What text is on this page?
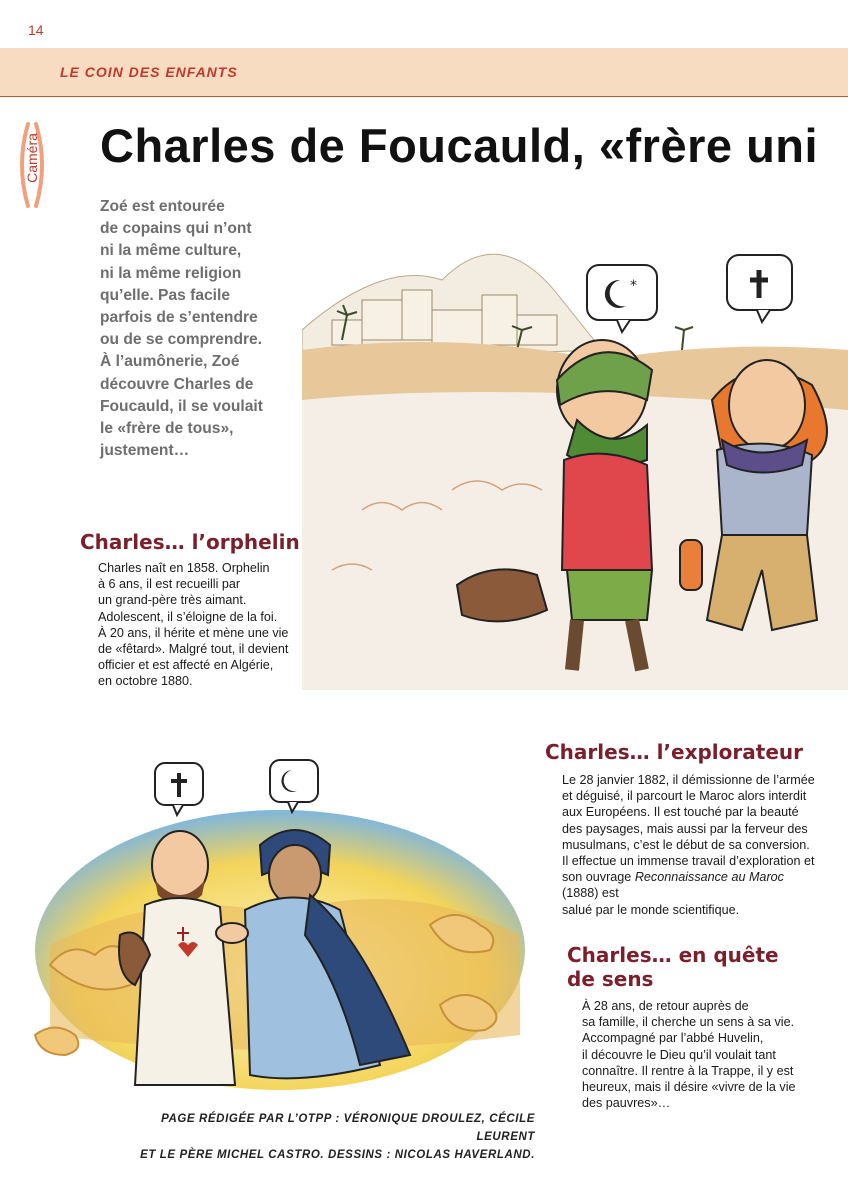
14
LE COIN DES ENFANTS
Caméra Charles de Foucauld, «frère uni
Zoé est entourée
de copains qui n’ont
ni la même culture,
ni la même religion
qu’elle. Pas facile
parfois de s’entendre
ou de se comprendre.
À l’aumônerie, Zoé
découvre Charles de
Foucauld, il se voulait
le «frère de tous»,
justement…
*
Charles… l’orphelin
Charles naît en 1858. Orphelin
à 6 ans, il est recueilli par
un grand-père très aimant.
Adolescent, il s’éloigne de la foi.
À 20 ans, il hérite et mène une vie
de «fêtard». Malgré tout, il devient
officier et est affecté en Algérie,
en octobre 1880.
Charles… l’explorateur
Le 28 janvier 1882, il démissionne de l’armée
et déguisé, il parcourt le Maroc alors interdit
aux Européens. Il est touché par la beauté
des paysages, mais aussi par la ferveur des
musulmans, c’est le début de sa conversion.
Il effectue un immense travail d’exploration et
son ouvrage Reconnaissance au Maroc (1888) est
salué par le monde scientifique.
Charles… en quête
de sens
À 28 ans, de retour auprès de
sa famille, il cherche un sens à sa vie.
Accompagné par l’abbé Huvelin,
il découvre le Dieu qu’il voulait tant
connaître. Il rentre à la Trappe, il y est
heureux, mais il désire «vivre de la vie
des pauvres»…
PAGE RÉDIGÉE PAR L’OTPP : VÉRONIQUE DROULEZ, CÉCILE LEURENT
ET LE PÈRE MICHEL CASTRO. DESSINS : NICOLAS HAVERLAND.
